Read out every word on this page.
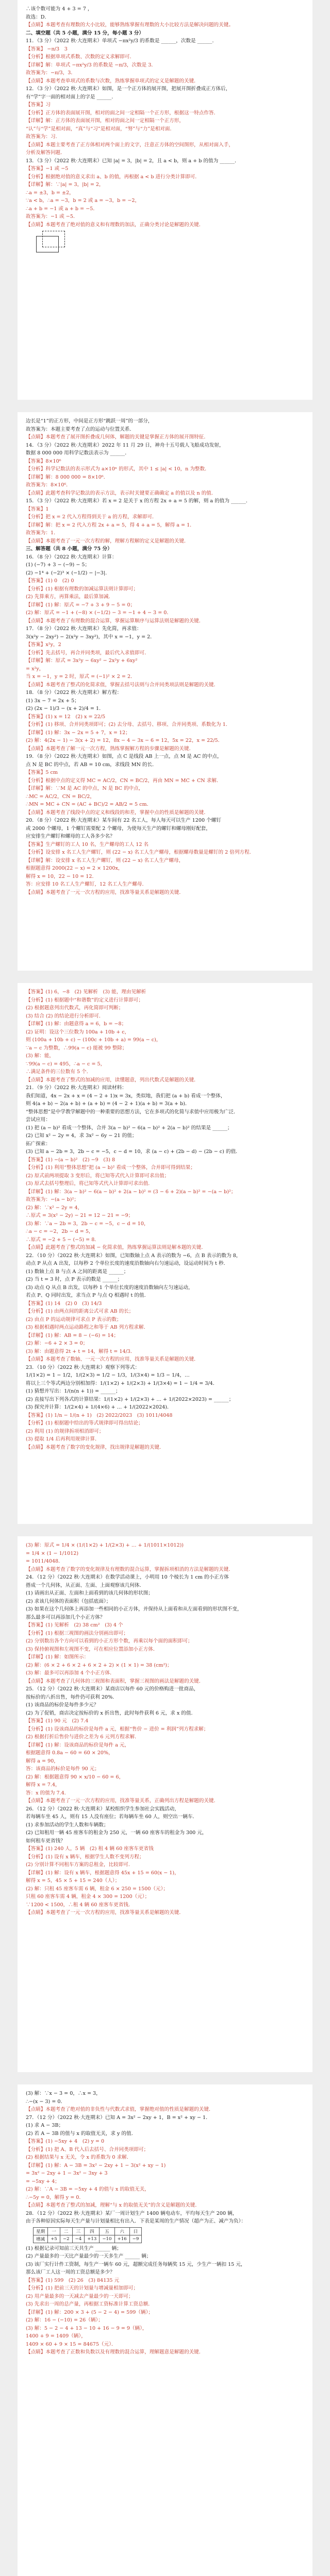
∴该个数可能为 4 + 3 = 7 ，
故选：D．
【点睛】本题考查有理数的大小比较，能够熟练掌握有理数的大小比较方法是解决问题的关键。
二、填空题（共 5 小题，满分 15 分，每小题 3 分）
11．（3 分）（2022 秋·大连期末）单项式 −πx²y/3 的系数是 ______，次数是 ______．
【答案】 −π/3　3
【分析】根据单项式系数、次数的定义求解即可．
【详解】解：单项式 −πx²y/3 的系数是 −π/3，次数是 3．
故答案为：−π/3，3．
【点睛】本题考查单项式的系数与次数，熟练掌握单项式的定义是解题的关键．
12．（3 分）（2022 秋·大连期末）如图，是一个正方体的展开图，把展开图折叠成正方体后，
有“学”字一面的相对面上的字是 ______．
【答案】习
【分析】正方体的表面展开图，相对的面之间一定相隔一个正方形，根据这一特点作答．
【详解】解：正方体的表面展开图，相对的面之间一定相隔一个正方形，
“认”与“学”是相对面，“真”与“习”是相对面，“努”与“力”是相对面．
故答案为：习．
【点睛】本题主要考查了正方体相对两个面上的文字，注意正方体的空间图形，从相对面入手，
分析及解答问题．
13．（3 分）（2022 秋·大连期末）已知 |a| = 3，|b| = 2，且 a < b，则 a + b 的值为 ______．
【答案】−1 或 −5
【分析】根据绝对值的意义求出 a、b 的值，再根据 a < b 进行分类计算即可．
【详解】解：∵|a| = 3，|b| = 2，
∴a = ±3，b = ±2，
∵a < b，∴a = −3，b = 2 或 a = −3，b = −2，
∴a + b = −1 或 a + b = −5．
故答案为：−1 或 −5．
【点睛】本题考查了绝对值的意义和有理数的加法，正确分类讨论是解题的关键．
边长是“1”的正方形，中间是正方形“跳跃一周”的一部分，
故答案为：本题主要考查了点的运动与位置关系．
【点睛】本题考查了展开图折叠成几何体，解题的关键是掌握正方体的展开图特征．
14．（3 分）（2022 秋·大连期末）2022 年 11 月 29 日，神舟十五号载人飞船成功发射，
数据 8 000 000 用科学记数法表示为 ______．
【答案】8×10⁶
【分析】科学记数法的表示形式为 a×10ⁿ 的形式，其中 1 ≤ |a| < 10，n 为整数．
【详解】解：8 000 000 = 8×10⁶．
故答案为：8×10⁶．
【点睛】此题考查科学记数法的表示方法，表示时关键要正确确定 a 的值以及 n 的值．
15．（3 分）（2022 秋·大连期末）若 x = 2 是关于 x 的方程 2x + a = 5 的解，则 a 的值为 ______．
【答案】1
【分析】把 x = 2 代入方程得到关于 a 的方程，求解即可．
【详解】解：把 x = 2 代入方程 2x + a = 5，得 4 + a = 5，解得 a = 1．
故答案为：1．
【点睛】本题考查了一元一次方程的解，理解方程解的定义是解题的关键．
三、解答题（共 8 小题，满分 75 分）
16．（8 分）（2022 秋·大连期末）计算：
(1) (−7) + 3 − (−9) − 5；
(2) −1⁴ + (−2)³ × (−1/2) − |−3|．
【答案】(1) 0　(2) 0
【分析】(1) 根据有理数的加减运算法则计算即可；
(2) 先算乘方，再算乘法，最后算加减．
【详解】(1) 解：原式 = −7 + 3 + 9 − 5 = 0；
(2) 解：原式 = −1 + (−8) × (−1/2) − 3 = −1 + 4 − 3 = 0．
【点睛】本题考查了有理数的混合运算，掌握运算顺序与运算法则是解题的关键．
17．（8 分）（2022 秋·大连期末）先化简，再求值：
3(x²y − 2xy²) − 2(x²y − 3xy²)，其中 x = −1，y = 2．
【答案】x²y，2
【分析】先去括号，再合并同类项，最后代入求值即可．
【详解】解：原式 = 3x²y − 6xy² − 2x²y + 6xy²
= x²y，
当 x = −1，y = 2 时，原式 = (−1)² × 2 = 2．
【点睛】本题考查了整式的化简求值，掌握去括号法则与合并同类项法则是解题的关键．
18．（8 分）（2022 秋·大连期末）解方程：
(1) 3x − 7 = 2x + 5；
(2) (2x − 1)/3 − (x + 2)/4 = 1．
【答案】(1) x = 12　(2) x = 22/5
【分析】(1) 移项、合并同类项即可；(2) 去分母、去括号、移项、合并同类项、系数化为 1．
【详解】(1) 解：3x − 2x = 5 + 7，x = 12；
(2) 解：4(2x − 1) − 3(x + 2) = 12，8x − 4 − 3x − 6 = 12，5x = 22，x = 22/5．
【点睛】本题考查了解一元一次方程，熟练掌握解方程的步骤是解题的关键．
19．（8 分）（2022 秋·大连期末）如图，点 C 是线段 AB 上一点，点 M 是 AC 的中点，
点 N 是 BC 的中点，若 AB = 10 cm，求线段 MN 的长．
【答案】5 cm
【分析】根据中点的定义得 MC = AC/2，CN = BC/2，再由 MN = MC + CN 求解．
【详解】解：∵M 是 AC 的中点，N 是 BC 的中点，
∴MC = AC/2，CN = BC/2，
∴MN = MC + CN = (AC + BC)/2 = AB/2 = 5 cm．
【点睛】本题考查了线段中点的定义和线段的和差，掌握中点的性质是解题的关键．
20．（8 分）（2022 秋·大连期末）某车间有 22 名工人，每人每天可以生产 1200 个螺钉
或 2000 个螺母，1 个螺钉需要配 2 个螺母，为使每天生产的螺钉和螺母刚好配套，
应安排生产螺钉和螺母的工人各多少名？
【答案】生产螺钉的工人 10 名，生产螺母的工人 12 名
【分析】设安排 x 名工人生产螺钉，则 (22 − x) 名工人生产螺母，根据螺母数量是螺钉的 2 倍列方程．
【详解】解：设安排 x 名工人生产螺钉，则 (22 − x) 名工人生产螺母，
根据题意得 2000(22 − x) = 2 × 1200x，
解得 x = 10，22 − 10 = 12．
答：应安排 10 名工人生产螺钉，12 名工人生产螺母．
【点睛】本题考查了一元一次方程的应用，找准等量关系是解题的关键．
【答案】(1) 6，−8　(2) 见解析　(3) 能，理由见解析
【分析】(1) 根据题中“和谐数”的定义进行计算即可；
(2) 根据题意列出代数式，再化简即可判断；
(3) 结合 (2) 的结论进行分析即可．
【详解】(1) 解：由题意得 a = 6，b = −8；
(2) 证明：设这个三位数为 100a + 10b + c，
则 (100a + 10b + c) − (100c + 10b + a) = 99(a − c)，
∵a − c 为整数，∴99(a − c) 能被 99 整除；
(3) 解：能，
∵99(a − c) = 495，∴a − c = 5，
∴满足条件的三位数有 5 个．
【点睛】本题考查了整式的加减的应用，读懂题意，列出代数式是解题的关键．
21．（9 分）（2022 秋·大连期末）阅读材料：
我们知道，4x − 2x + x = (4 − 2 + 1)x = 3x，类似地，我们把 (a + b) 看成一个整体，
则 4(a + b) − 2(a + b) + (a + b) = (4 − 2 + 1)(a + b) = 3(a + b)．
“整体思想”是中学教学解题中的一种重要的思想方法，它在多项式的化简与求值中应用极为广泛．
尝试应用：
(1) 把 (a − b)² 看成一个整体，合并 3(a − b)² − 6(a − b)² + 2(a − b)² 的结果是 ______；
(2) 已知 x² − 2y = 4，求 3x² − 6y − 21 的值；
拓广探索：
(3) 已知 a − 2b = 3，2b − c = −5，c − d = 10，求 (a − c) + (2b − d) − (2b − c) 的值．
【答案】(1) −(a − b)²　(2) −9　(3) 8
【分析】(1) 利用“整体思想”把 (a − b)² 看成一个整体，合并即可得到结果；
(2) 原式前两项提取 3 变形后，将已知等式代入计算即可求出值；
(3) 原式去括号整理后，将已知等式代入计算即可求出值．
【详解】(1) 解：3(a − b)² − 6(a − b)² + 2(a − b)² = (3 − 6 + 2)(a − b)² = −(a − b)²；
故答案为：−(a − b)²；
(2) 解：∵x² − 2y = 4，
∴原式 = 3(x² − 2y) − 21 = 12 − 21 = −9；
(3) 解：∵a − 2b = 3，2b − c = −5，c − d = 10，
∴a − c = −2，2b − d = 5，
∴原式 = −2 + 5 − (−5) = 8．
【点睛】此题考查了整式的加减 − 化简求值，熟练掌握运算法则是解本题的关键．
22．（10 分）（2022 秋·大连期末）如图，已知数轴上点 A 表示的数为 −6，点 B 表示的数为 8，
动点 P 从点 A 出发，以每秒 2 个单位长度的速度沿数轴向右匀速运动，设运动时间为 t 秒．
(1) 数轴上点 B 与点 A 之间的距离是 ______；
(2) 当 t = 3 时，点 P 表示的数是 ______；
(3) 动点 Q 从点 B 出发，以每秒 1 个单位长度的速度沿数轴向左匀速运动，
若点 P、Q 同时出发，求当点 P 与点 Q 相遇时 t 的值．
【答案】(1) 14　(2) 0　(3) 14/3
【分析】(1) 由两点间的距离公式可求 AB 的长；
(2) 由点 P 的运动规律可求点 P 表示的数；
(3) 根据相遇时两点运动路程之和等于 AB 列方程求解．
【详解】(1) 解：AB = 8 − (−6) = 14；
(2) 解：−6 + 2 × 3 = 0；
(3) 解：由题意得 2t + t = 14，解得 t = 14/3．
【点睛】本题考查了数轴、一元一次方程的应用，找准等量关系是解题的关键．
23．（10 分）（2022 秋·大连期末）观察下列等式：
1/(1×2) = 1 − 1/2，1/(2×3) = 1/2 − 1/3，1/(3×4) = 1/3 − 1/4，…
将以上三个等式两边分别相加得：1/(1×2) + 1/(2×3) + 1/(3×4) = 1 − 1/4 = 3/4．
(1) 猜想并写出：1/(n(n + 1)) = ______；
(2) 直接写出下列各式的计算结果：1/(1×2) + 1/(2×3) + … + 1/(2022×2023) = ______；
(3) 探究并计算：1/(2×4) + 1/(4×6) + … + 1/(2022×2024)．
【答案】(1) 1/n − 1/(n + 1)　(2) 2022/2023　(3) 1011/4048
【分析】(1) 根据题中给出的等式规律即可得出结论；
(2) 利用 (1) 的规律拆项相消即可；
(3) 提取 1/4 后再利用规律计算．
【点睛】本题考查了数字的变化规律，找出规律是解题的关键．
(3) 解：原式 = 1/4 × (1/(1×2) + 1/(2×3) + … + 1/(1011×1012))
= 1/4 × (1 − 1/1012)
= 1011/4048．
【点睛】本题考查了数字的变化规律及有理数的混合运算，掌握拆项相消的方法是解题的关键．
24．（12 分）（2022 秋·大连期末）在数学活动课上，小明用 10 个棱长为 1 cm 的小正方体
搭成一个几何体，从正面、左面、上面观察该几何体．
(1) 请画出从正面、左面和上面看到的该几何体的形状图；
(2) 求该几何体的表面积（包括底面）；
(3) 如果在这个几何体上再添加一些相同的小正方体，并保持从上面看和从左面看到的形状图不变，
那么最多可以再添加几个小正方体？
【答案】(1) 见解析　(2) 38 cm²　(3) 4 个
【分析】(1) 根据三视图的画法分别画出即可；
(2) 分别数出各个方向可以看到的小正方形个数，再乘以每个面的面积即可；
(3) 保持俯视图和左视图不变，可在相应位置添加小正方体．
【详解】(1) 解：如图所示：
(2) 解：(6 × 2 + 6 × 2 + 6 × 2 + 2) × (1 × 1) = 38 (cm²)；
(3) 解：最多可以再添加 4 个小正方体．
【点睛】本题考查了几何体的三视图和表面积，掌握三视图的画法是解题的关键．
25．（12 分）（2022 秋·大连期末）某商店以每件 60 元的价格购进一批商品，
按标价的八折出售，每件仍可获利 20%．
(1) 该商品的标价是每件多少元？
(2) 为了促销，商店决定按标价的 x 折出售，此时每件获利 6 元，求 x 的值．
【答案】(1) 90 元　(2) 7.4
【分析】(1) 设该商品的标价是每件 a 元，根据“售价 − 进价 = 利润”列方程求解；
(2) 根据打折后售价与进价之差为 6 元列方程求解．
【详解】(1) 解：设该商品的标价是每件 a 元，
根据题意得 0.8a − 60 = 60 × 20%，
解得 a = 90，
答：该商品的标价是每件 90 元；
(2) 解：根据题意得 90 × x/10 − 60 = 6，
解得 x = 7.4，
答：x 的值为 7.4．
【点睛】本题考查了一元一次方程的应用，找准等量关系，正确列出方程是解题的关键．
26．（12 分）（2022 秋·大连期末）某校组织学生参加社会实践活动，
若每辆车坐 45 人，则有 15 人没有座位；若每辆车坐 60 人，则空出一辆车．
(1) 求参加活动的学生人数和车辆数；
(2) 已知租用一辆 45 座客车的租金为 250 元，一辆 60 座客车的租金为 300 元，
如何租车更省钱？
【答案】(1) 240 人，5 辆　(2) 租 4 辆 60 座客车更省钱
【分析】(1) 设有 x 辆车，根据学生人数不变列方程；
(2) 分别计算不同租车方案的总租金，比较即可．
【详解】(1) 解：设有 x 辆车，根据题意得 45x + 15 = 60(x − 1)，
解得 x = 5，45 × 5 + 15 = 240（人）；
(2) 解：只租 45 座客车需 6 辆，租金 6 × 250 = 1500（元）；
只租 60 座客车需 4 辆，租金 4 × 300 = 1200（元）；
∵1200 < 1500，∴租 4 辆 60 座客车更省钱．
【点睛】本题考查了一元一次方程的应用，找准等量关系是解题的关键．
(3) 解：∵x − 3 = 0，∴x = 3，
∴−(x − 3) = 0．
【点睛】本题考查了绝对值的非负性与代数式求值，掌握绝对值的性质是解题的关键．
27．（12 分）（2022 秋·大连期末）已知 A = 3x² − 2xy + 1，B = x² + xy − 1．
(1) 求 A − 3B；
(2) 若 A − 3B 的值与 x 的取值无关，求 y 的值．
【答案】(1) −5xy + 4　(2) y = 0
【分析】(1) 把 A、B 代入后去括号、合并同类项即可；
(2) 根据结果与 x 无关，令 x 的系数为 0 求解．
【详解】(1) 解：A − 3B = 3x² − 2xy + 1 − 3(x² + xy − 1)
= 3x² − 2xy + 1 − 3x² − 3xy + 3
= −5xy + 4；
(2) 解：∵A − 3B = −5xy + 4 的值与 x 的取值无关，
∴−5y = 0，解得 y = 0．
【点睛】本题考查了整式的加减，理解“与 x 的取值无关”的含义是解题的关键．
28．（12 分）（2022 秋·大连期末）某厂一周计划生产 1400 辆电动车，平均每天生产 200 辆，
由于各种原因实际每天生产量与计划量相比有出入．下表是某周的生产情况（超产为正、减产为负）：
星期	一	二	三	四	五	六	日
增减	+5	−2	−4	+13	−10	+16	−9
(1) 根据记录可知前三天共生产 ______ 辆；
(2) 产量最多的一天比产量最少的一天多生产 ______ 辆；
(3) 该厂实行计件工资制，每生产一辆车 60 元，超额完成任务每辆奖 15 元，少生产一辆扣 15 元，
那么该厂工人这一周的工资总额是多少？
【答案】(1) 599　(2) 26　(3) 84135 元
【分析】(1) 把前三天的计划量与增减量相加即可；
(2) 用产量最多的一天减去产量最少的一天即可；
(3) 先求出一周的总产量，再根据工资标准计算工资总额．
【详解】(1) 解：200 × 3 + (5 − 2 − 4) = 599（辆）；
(2) 解：16 − (−10) = 26（辆）；
(3) 解：5 − 2 − 4 + 13 − 10 + 16 − 9 = 9（辆），
1400 + 9 = 1409（辆），
1409 × 60 + 9 × 15 = 84675（元）．
【点睛】本题考查了正数和负数以及有理数的混合运算，理解题意是解题的关键．
